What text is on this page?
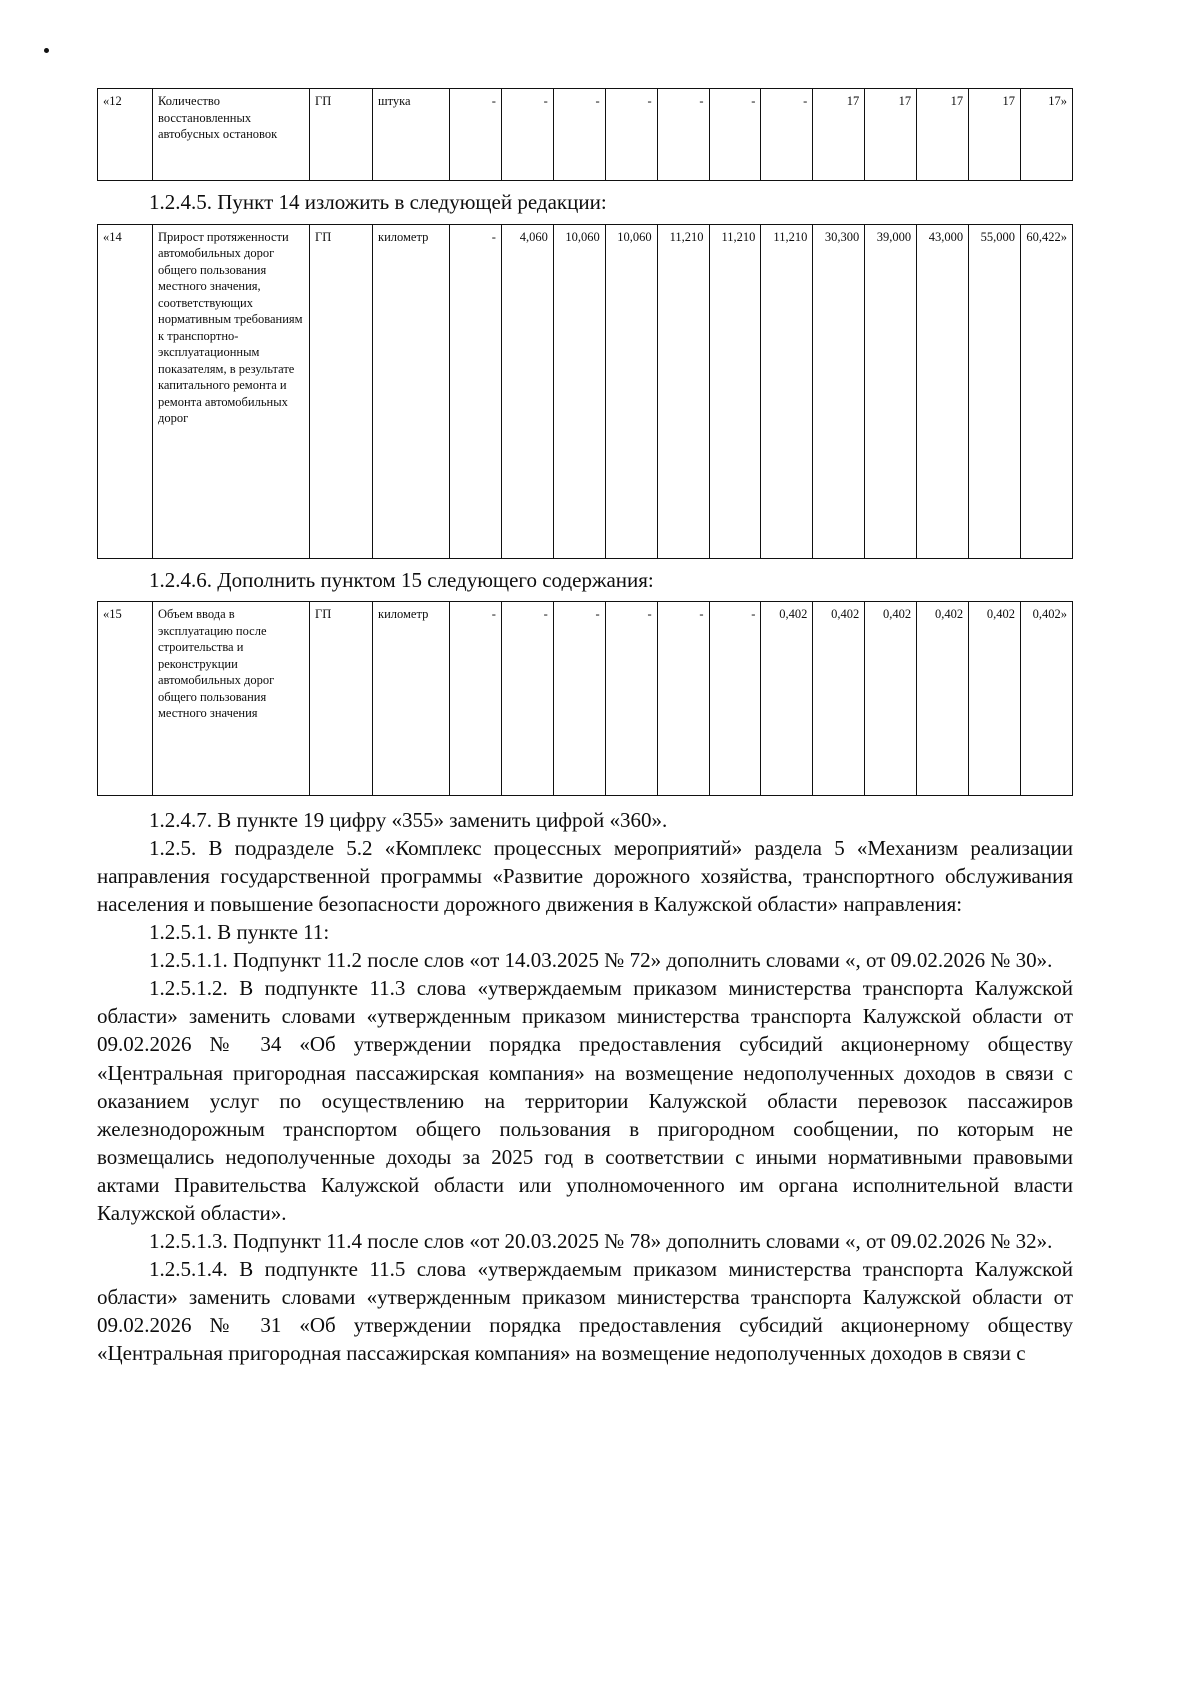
«12	Количество восстановленных автобусных остановок	ГП	штука	-	-	-	-	-	-	-	17	17	17	17	17»
1.2.4.5. Пункт 14 изложить в следующей редакции:
«14	Прирост протяженности автомобильных дорог общего пользования местного значения, соответствующих нормативным требованиям к транспортно-эксплуатационным показателям, в результате капитального ремонта и ремонта автомобильных дорог	ГП	километр	-	4,060	10,060	10,060	11,210	11,210	11,210	30,300	39,000	43,000	55,000	60,422»
1.2.4.6. Дополнить пунктом 15 следующего содержания:
«15	Объем ввода в эксплуатацию после строительства и реконструкции автомобильных дорог общего пользования местного значения	ГП	километр	-	-	-	-	-	-	0,402	0,402	0,402	0,402	0,402	0,402»

1.2.4.7. В пункте 19 цифру «355» заменить цифрой «360».

1.2.5. В подразделе 5.2 «Комплекс процессных мероприятий» раздела 5 «Механизм реализации направления государственной программы «Развитие дорожного хозяйства, транспортного обслуживания населения и повышение безопасности дорожного движения в Калужской области» направления:

1.2.5.1. В пункте 11:

1.2.5.1.1. Подпункт 11.2 после слов «от 14.03.2025 № 72» дополнить словами «, от 09.02.2026 № 30».

1.2.5.1.2. В подпункте 11.3 слова «утверждаемым приказом министерства транспорта Калужской области» заменить словами «утвержденным приказом министерства транспорта Калужской области от 09.02.2026 № 34 «Об утверждении порядка предоставления субсидий акционерному обществу «Центральная пригородная пассажирская компания» на возмещение недополученных доходов в связи с оказанием услуг по осуществлению на территории Калужской области перевозок пассажиров железнодорожным транспортом общего пользования в пригородном сообщении, по которым не возмещались недополученные доходы за 2025 год в соответствии с иными нормативными правовыми актами Правительства Калужской области или уполномоченного им органа исполнительной власти Калужской области».

1.2.5.1.3. Подпункт 11.4 после слов «от 20.03.2025 № 78» дополнить словами «, от 09.02.2026 № 32».

1.2.5.1.4. В подпункте 11.5 слова «утверждаемым приказом министерства транспорта Калужской области» заменить словами «утвержденным приказом министерства транспорта Калужской области от 09.02.2026 № 31 «Об утверждении порядка предоставления субсидий акционерному обществу «Центральная пригородная пассажирская компания» на возмещение недополученных доходов в связи с
